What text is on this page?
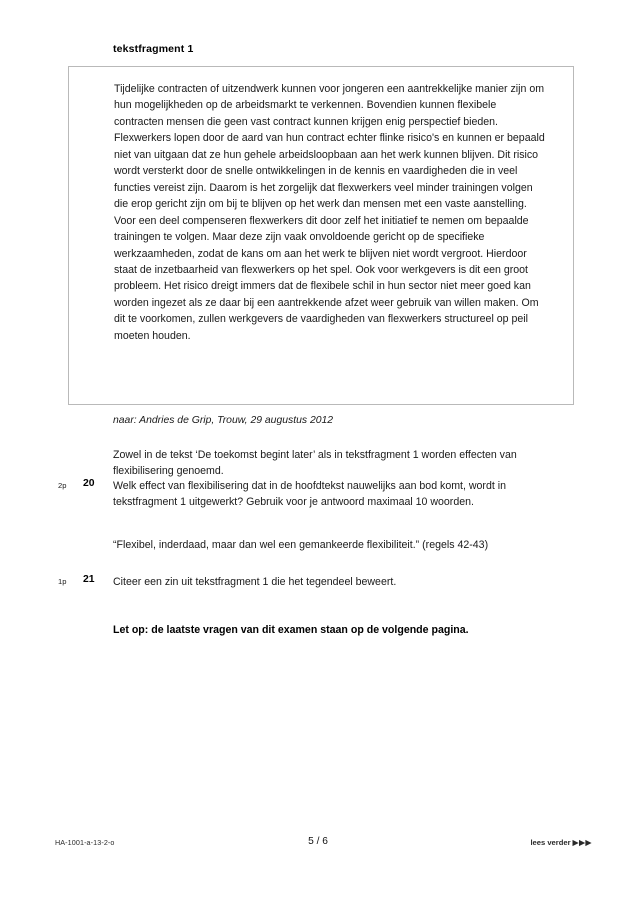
tekstfragment 1
Tijdelijke contracten of uitzendwerk kunnen voor jongeren een aantrekkelijke manier zijn om hun mogelijkheden op de arbeidsmarkt te verkennen. Bovendien kunnen flexibele contracten mensen die geen vast contract kunnen krijgen enig perspectief bieden. Flexwerkers lopen door de aard van hun contract echter flinke risico's en kunnen er bepaald niet van uitgaan dat ze hun gehele arbeidsloopbaan aan het werk kunnen blijven. Dit risico wordt versterkt door de snelle ontwikkelingen in de kennis en vaardigheden die in veel functies vereist zijn. Daarom is het zorgelijk dat flexwerkers veel minder trainingen volgen die erop gericht zijn om bij te blijven op het werk dan mensen met een vaste aanstelling. Voor een deel compenseren flexwerkers dit door zelf het initiatief te nemen om bepaalde trainingen te volgen. Maar deze zijn vaak onvoldoende gericht op de specifieke werkzaamheden, zodat de kans om aan het werk te blijven niet wordt vergroot. Hierdoor staat de inzetbaarheid van flexwerkers op het spel. Ook voor werkgevers is dit een groot probleem. Het risico dreigt immers dat de flexibele schil in hun sector niet meer goed kan worden ingezet als ze daar bij een aantrekkende afzet weer gebruik van willen maken. Om dit te voorkomen, zullen werkgevers de vaardigheden van flexwerkers structureel op peil moeten houden.
naar: Andries de Grip, Trouw, 29 augustus 2012
Zowel in de tekst ‘De toekomst begint later’ als in tekstfragment 1 worden effecten van flexibilisering genoemd.
2p 20 Welk effect van flexibilisering dat in de hoofdtekst nauwelijks aan bod komt, wordt in tekstfragment 1 uitgewerkt? Gebruik voor je antwoord maximaal 10 woorden.
“Flexibel, inderdaad, maar dan wel een gemankeerde flexibiliteit.” (regels 42-43)
1p 21 Citeer een zin uit tekstfragment 1 die het tegendeel beweert.
Let op: de laatste vragen van dit examen staan op de volgende pagina.
HA-1001-a-13-2-o	5 / 6	lees verder ▶▶▶
